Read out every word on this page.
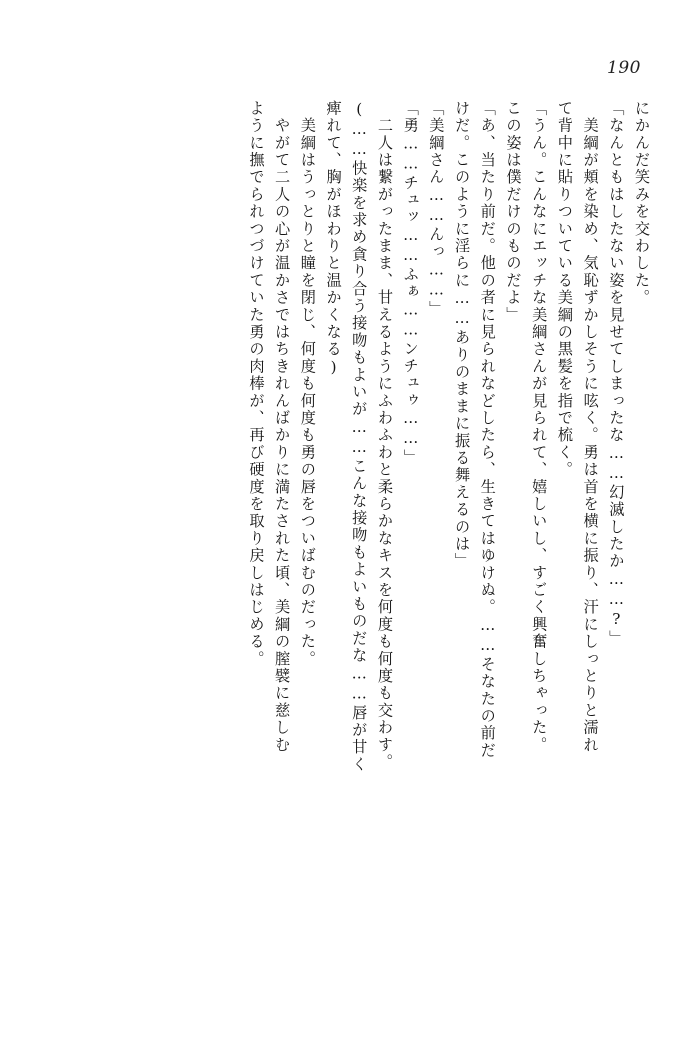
190
にかんだ笑みを交わした。
「なんともはしたない姿を見せてしまったな……幻滅したか……?」
　美綱が頬を染め、気恥ずかしそうに呟く。勇は首を横に振り、汗にしっとりと濡れ
て背中に貼りついている美綱の黒髪を指で梳く。
「うん。こんなにエッチな美綱さんが見られて、嬉しいし、すごく興奮しちゃった。
この姿は僕だけのものだよ」
「あ、当たり前だ。他の者に見られなどしたら、生きてはゆけぬ。……そなたの前だ
けだ。このように淫らに……ありのままに振る舞えるのは」
「美綱さん……んっ……」
「勇……チュッ……ふぁ……ンチュゥ……」
　二人は繋がったまま、甘えるようにふわふわと柔らかなキスを何度も何度も交わす。
(……快楽を求め貪り合う接吻もよいが……こんな接吻もよいものだな……唇が甘く
痺れて、胸がほわりと温かくなる)
　美綱はうっとりと瞳を閉じ、何度も何度も勇の唇をついばむのだった。
　やがて二人の心が温かさではちきれんばかりに満たされた頃、美綱の膣襞に慈しむ
ように撫でられつづけていた勇の肉棒が、再び硬度を取り戻しはじめる。
